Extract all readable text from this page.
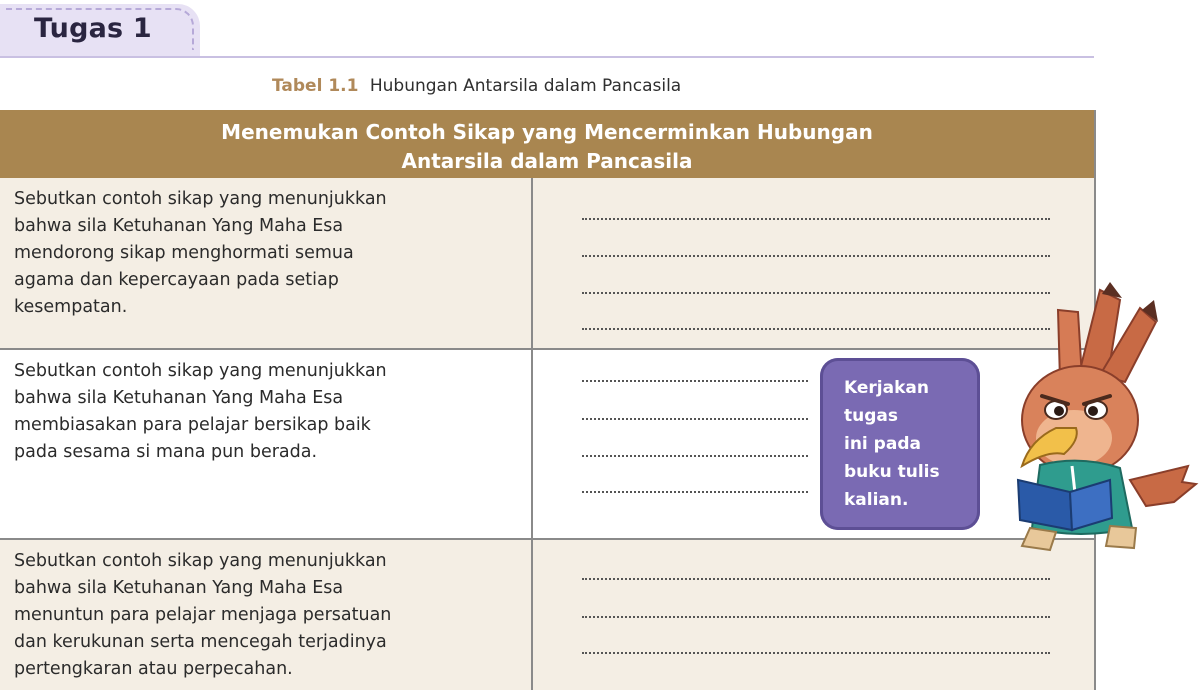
Tugas 1
Tabel 1.1 Hubungan Antarsila dalam Pancasila
Menemukan Contoh Sikap yang Mencerminkan Hubungan
Antarsila dalam Pancasila
Sebutkan contoh sikap yang menunjukkan
bahwa sila Ketuhanan Yang Maha Esa
mendorong sikap menghormati semua
agama dan kepercayaan pada setiap
kesempatan.
Sebutkan contoh sikap yang menunjukkan
bahwa sila Ketuhanan Yang Maha Esa
membiasakan para pelajar bersikap baik
pada sesama si mana pun berada.
Sebutkan contoh sikap yang menunjukkan
bahwa sila Ketuhanan Yang Maha Esa
menuntun para pelajar menjaga persatuan
dan kerukunan serta mencegah terjadinya
pertengkaran atau perpecahan.
Kerjakan
tugas
ini pada
buku tulis
kalian.
